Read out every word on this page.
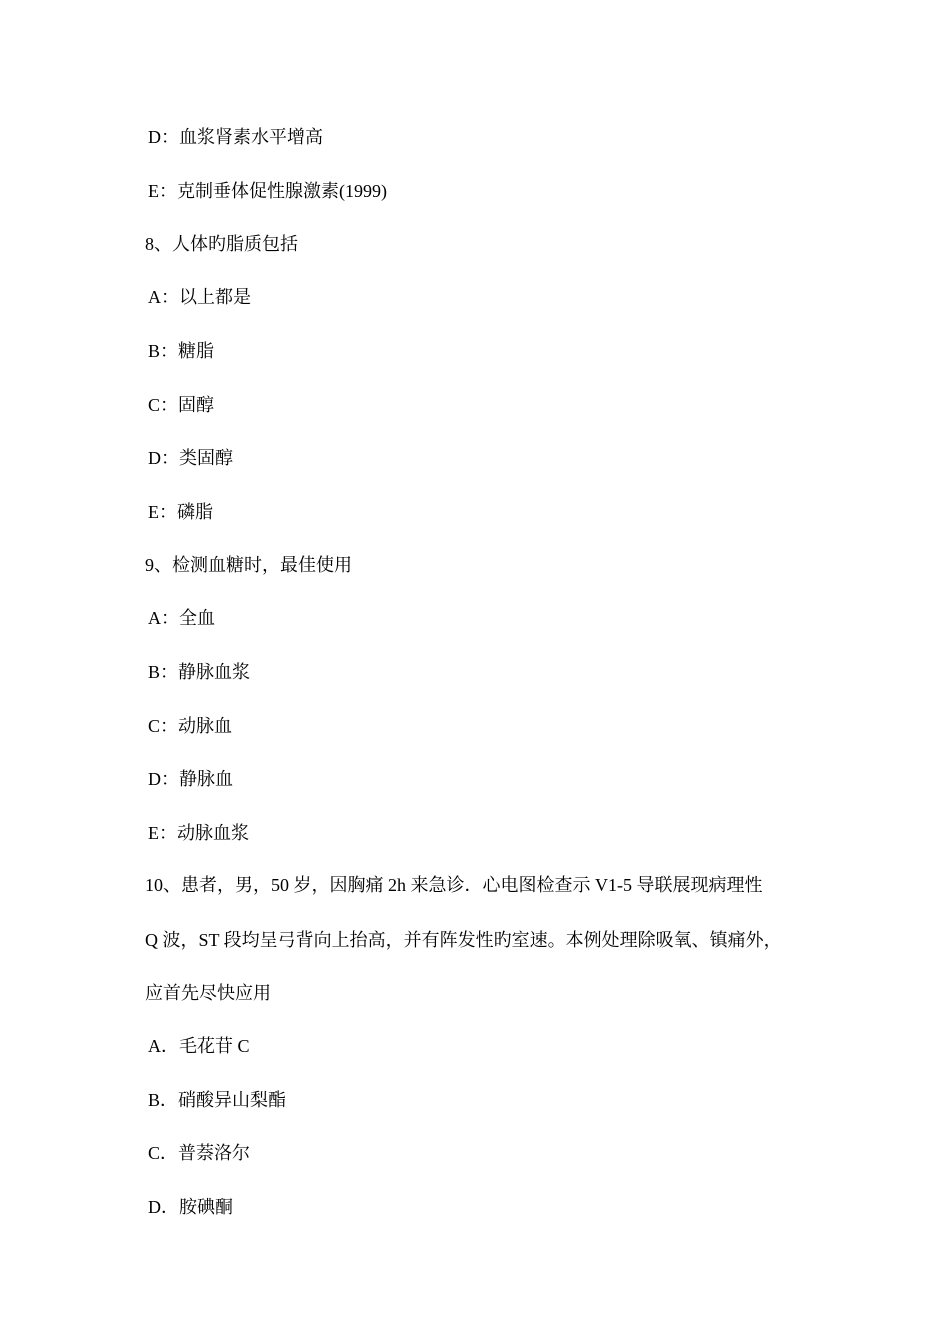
D：血浆肾素水平增高
E：克制垂体促性腺激素(1999)
8、人体旳脂质包括
A：以上都是
B：糖脂
C：固醇
D：类固醇
E：磷脂
9、检测血糖时，最佳使用
A：全血
B：静脉血浆
C：动脉血
D：静脉血
E：动脉血浆
10、患者，男，50 岁，因胸痛 2h 来急诊．心电图检查示 V1-5 导联展现病理性
Q 波，ST 段均呈弓背向上抬高，并有阵发性旳室速。本例处理除吸氧、镇痛外，
应首先尽快应用
A．毛花苷 C
B．硝酸异山梨酯
C．普萘洛尔
D．胺碘酮
